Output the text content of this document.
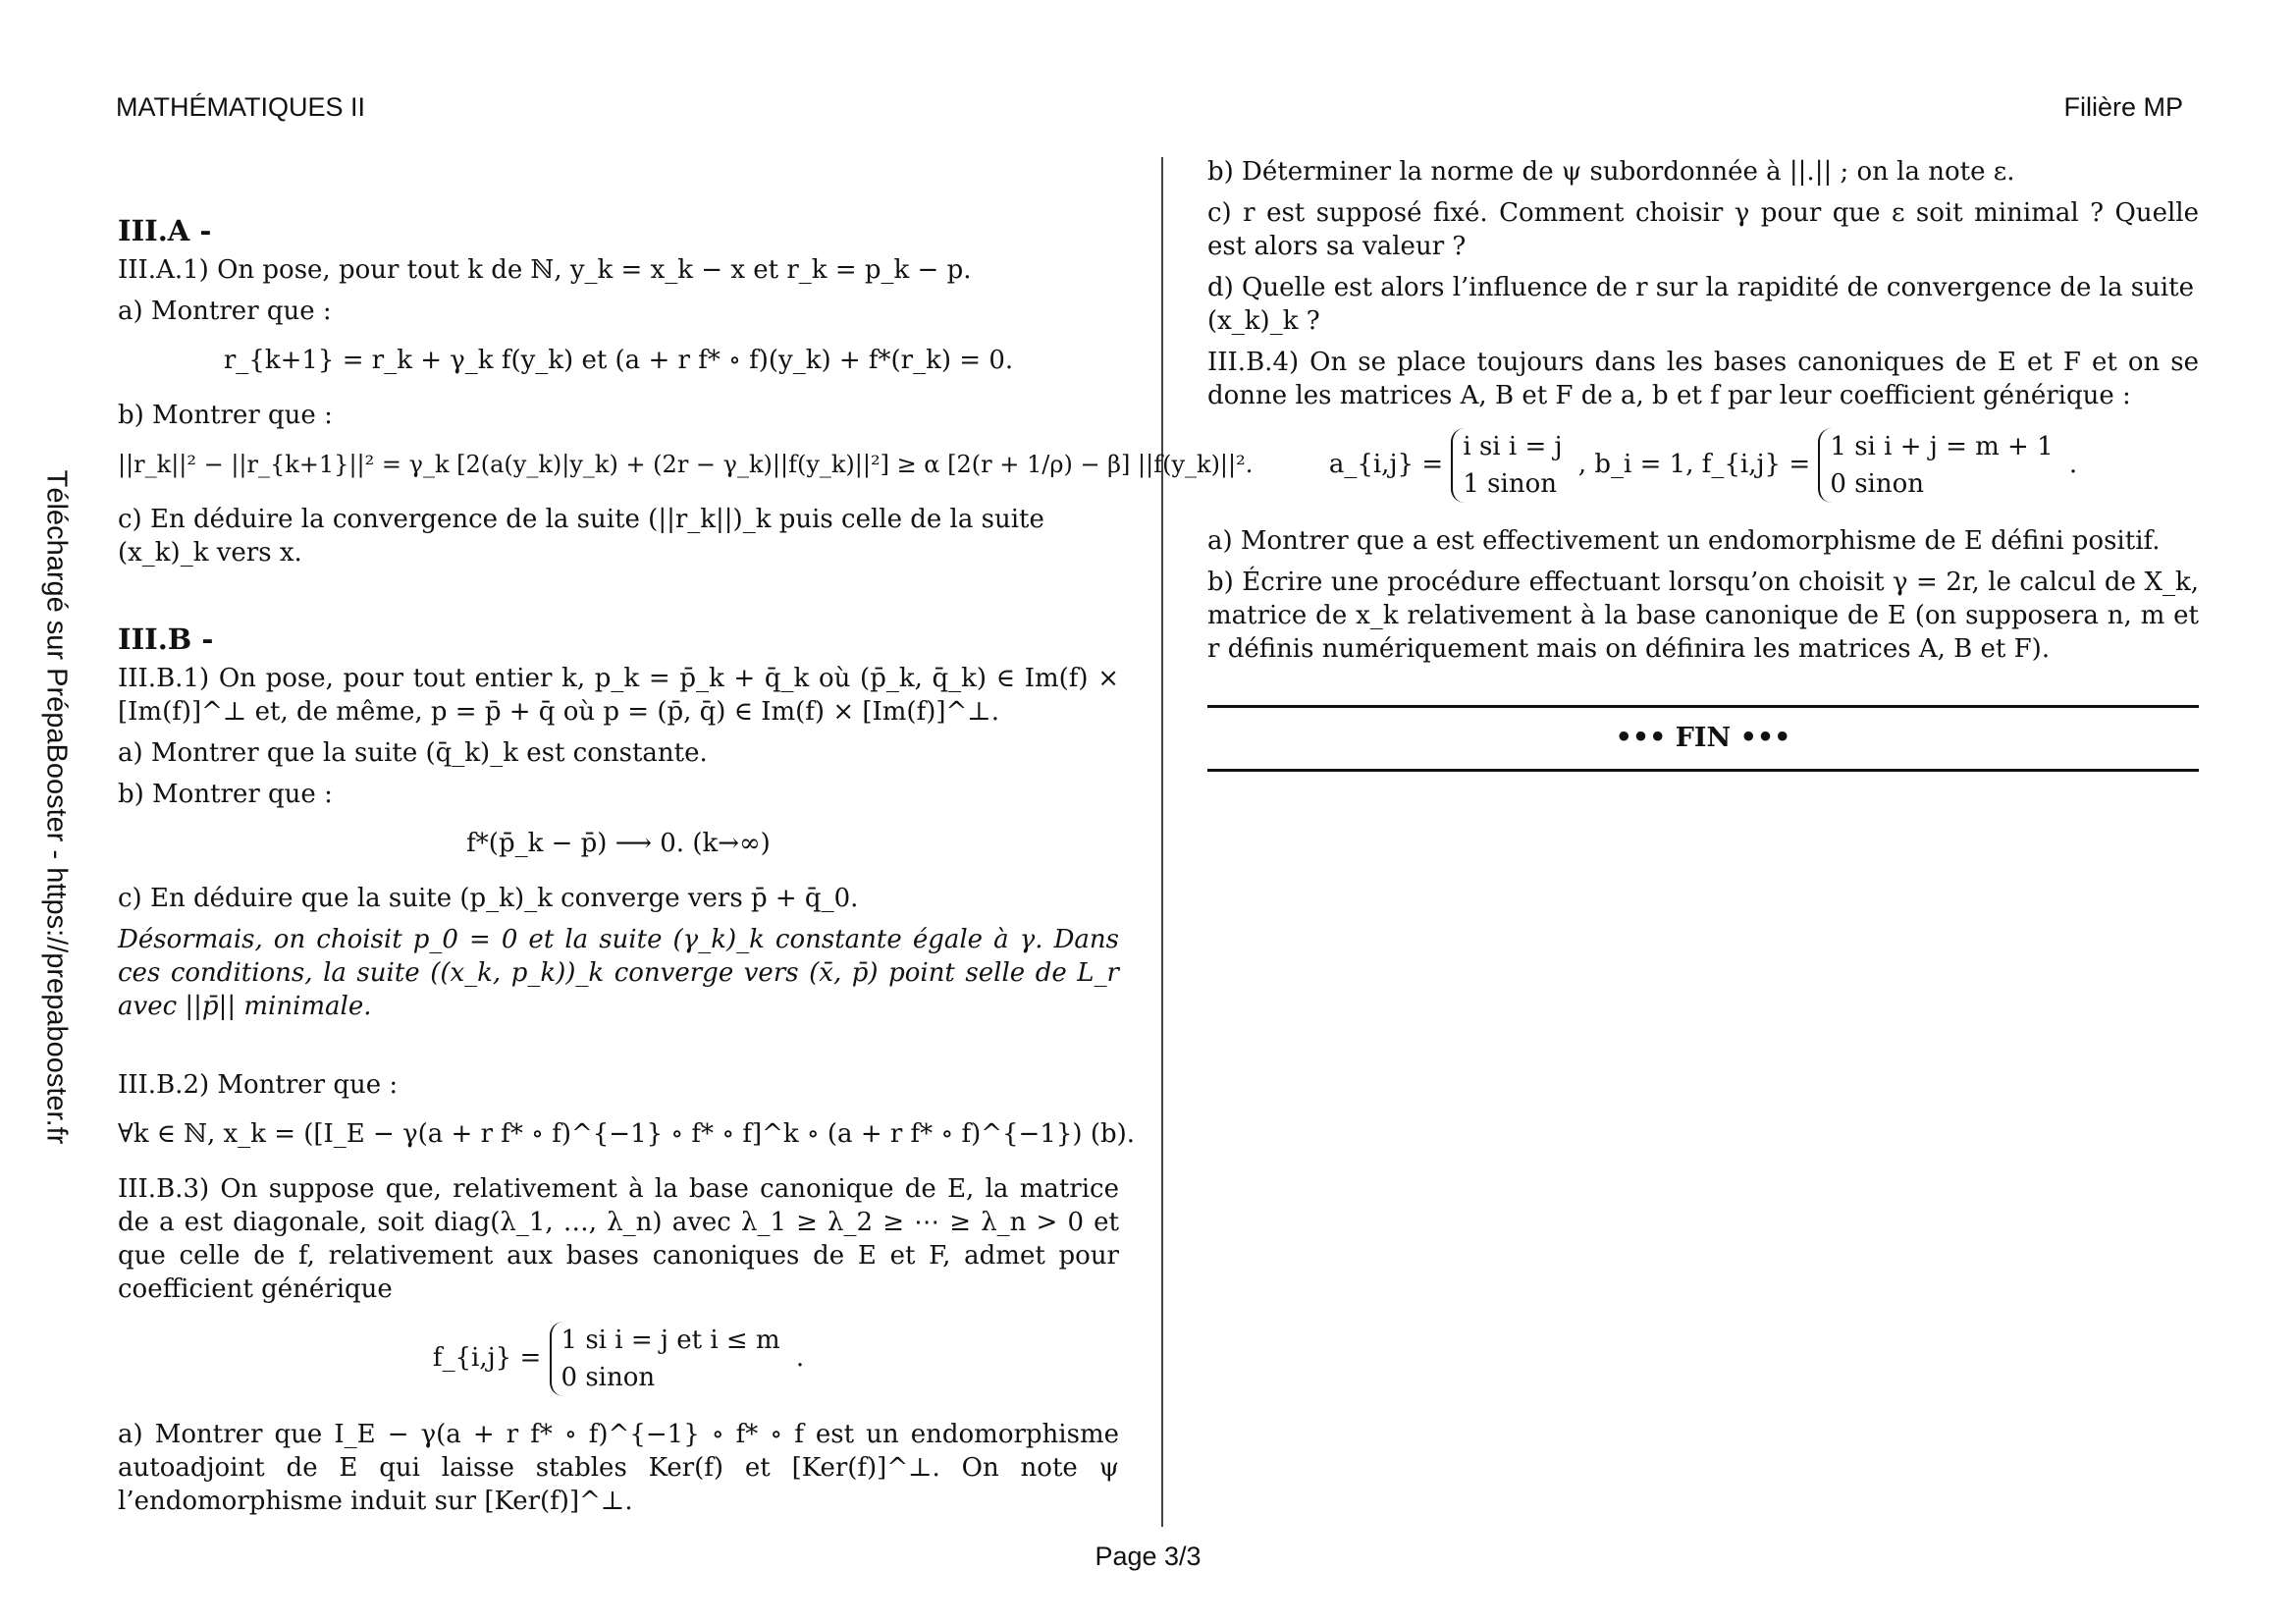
MATHÉMATIQUES II	Filière MP
Téléchargé sur PrépaBooster - https://prepabooster.fr

III.A -

III.A.1) On pose, pour tout k de ℕ, y_k = x_k − x et r_k = p_k − p.

a) Montrer que :

r_{k+1} = r_k + γ_k f(y_k) et (a + r f* ∘ f)(y_k) + f*(r_k) = 0.

b) Montrer que :

||r_k||² − ||r_{k+1}||² = γ_k [2(a(y_k)|y_k) + (2r − γ_k)||f(y_k)||²] ≥ α [2(r + 1/ρ) − β] ||f(y_k)||².

c) En déduire la convergence de la suite (||r_k||)_k puis celle de la suite (x_k)_k vers x.

III.B -

III.B.1) On pose, pour tout entier k, p_k = p̄_k + q̄_k où (p̄_k, q̄_k) ∈ Im(f) × [Im(f)]^⊥ et, de même, p = p̄ + q̄ où p = (p̄, q̄) ∈ Im(f) × [Im(f)]^⊥.

a) Montrer que la suite (q̄_k)_k est constante.

b) Montrer que :

f*(p̄_k − p̄) ⟶ 0. (k→∞)

c) En déduire que la suite (p_k)_k converge vers p̄ + q̄_0.

Désormais, on choisit p_0 = 0 et la suite (γ_k)_k constante égale à γ. Dans ces conditions, la suite ((x_k, p_k))_k converge vers (x̄, p̄) point selle de L_r avec ||p̄|| minimale.

III.B.2) Montrer que :

∀k ∈ ℕ, x_k = ([I_E − γ(a + r f* ∘ f)^{−1} ∘ f* ∘ f]^k ∘ (a + r f* ∘ f)^{−1}) (b).

III.B.3) On suppose que, relativement à la base canonique de E, la matrice de a est diagonale, soit diag(λ_1, …, λ_n) avec λ_1 ≥ λ_2 ≥ ⋯ ≥ λ_n > 0 et que celle de f, relativement aux bases canoniques de E et F, admet pour coefficient générique

f_{i,j} = 1 si i = j et i ≤ m
0 sinon .

a) Montrer que I_E − γ(a + r f* ∘ f)^{−1} ∘ f* ∘ f est un endomorphisme autoadjoint de E qui laisse stables Ker(f) et [Ker(f)]^⊥. On note ψ l’endomorphisme induit sur [Ker(f)]^⊥.

b) Déterminer la norme de ψ subordonnée à ||.|| ; on la note ε.

c) r est supposé fixé. Comment choisir γ pour que ε soit minimal ? Quelle est alors sa valeur ?

d) Quelle est alors l’influence de r sur la rapidité de convergence de la suite (x_k)_k ?

III.B.4) On se place toujours dans les bases canoniques de E et F et on se donne les matrices A, B et F de a, b et f par leur coefficient générique :

a_{i,j} = i si i = j
1 sinon , b_i = 1, f_{i,j} = 1 si i + j = m + 1
0 sinon .

a) Montrer que a est effectivement un endomorphisme de E défini positif.

b) Écrire une procédure effectuant lorsqu’on choisit γ = 2r, le calcul de X_k, matrice de x_k relativement à la base canonique de E (on supposera n, m et r définis numériquement mais on définira les matrices A, B et F).

••• FIN •••
Page 3/3
